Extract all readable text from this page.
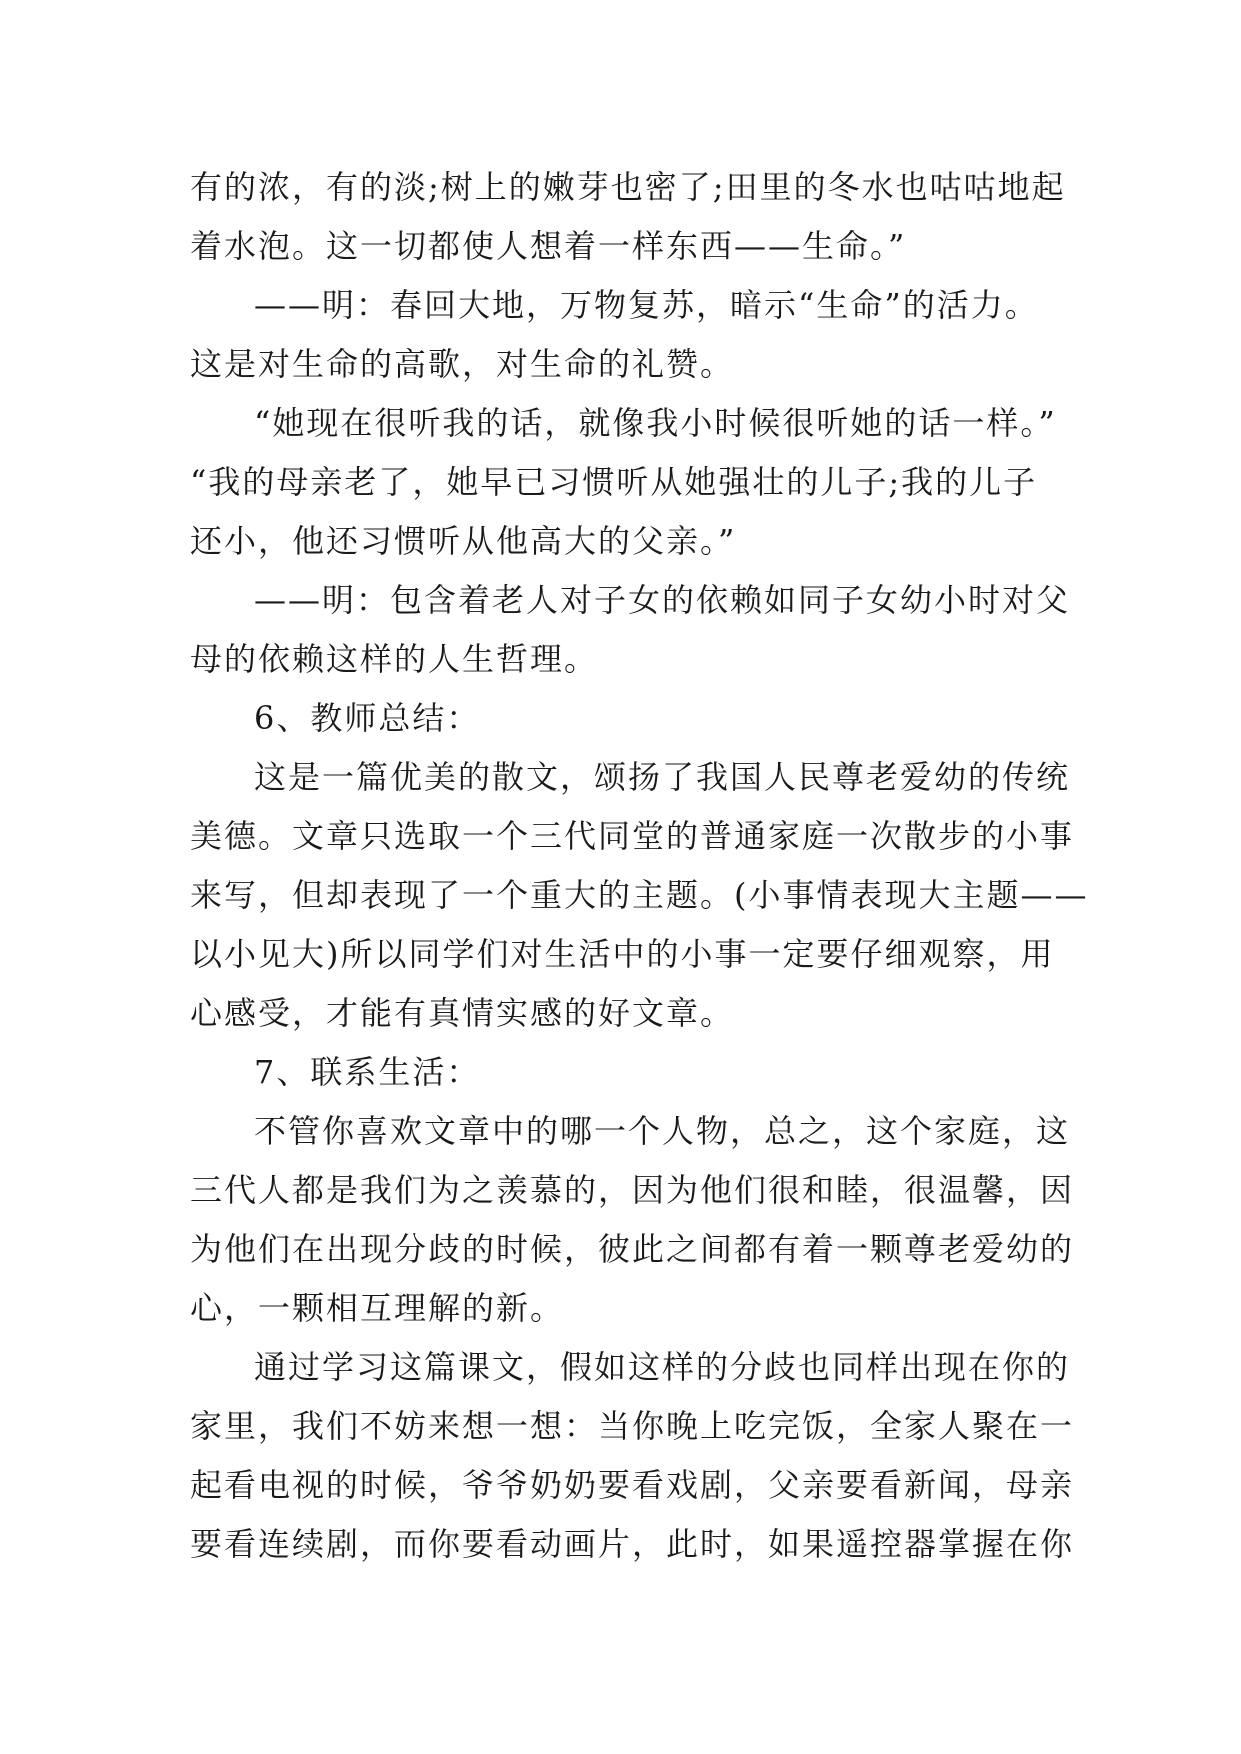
有的浓，有的淡;树上的嫩芽也密了;田里的冬水也咕咕地起
着水泡。这一切都使人想着一样东西——生命。”
——明：春回大地，万物复苏，暗示“生命”的活力。
这是对生命的高歌，对生命的礼赞。
“她现在很听我的话，就像我小时候很听她的话一样。”
“我的母亲老了，她早已习惯听从她强壮的儿子;我的儿子
还小，他还习惯听从他高大的父亲。”
——明：包含着老人对子女的依赖如同子女幼小时对父
母的依赖这样的人生哲理。
6、教师总结：
这是一篇优美的散文，颂扬了我国人民尊老爱幼的传统
美德。文章只选取一个三代同堂的普通家庭一次散步的小事
来写，但却表现了一个重大的主题。(小事情表现大主题——
以小见大)所以同学们对生活中的小事一定要仔细观察，用
心感受，才能有真情实感的好文章。
7、联系生活：
不管你喜欢文章中的哪一个人物，总之，这个家庭，这
三代人都是我们为之羡慕的，因为他们很和睦，很温馨，因
为他们在出现分歧的时候，彼此之间都有着一颗尊老爱幼的
心，一颗相互理解的新。
通过学习这篇课文，假如这样的分歧也同样出现在你的
家里，我们不妨来想一想：当你晚上吃完饭，全家人聚在一
起看电视的时候，爷爷奶奶要看戏剧，父亲要看新闻，母亲
要看连续剧，而你要看动画片，此时，如果遥控器掌握在你
